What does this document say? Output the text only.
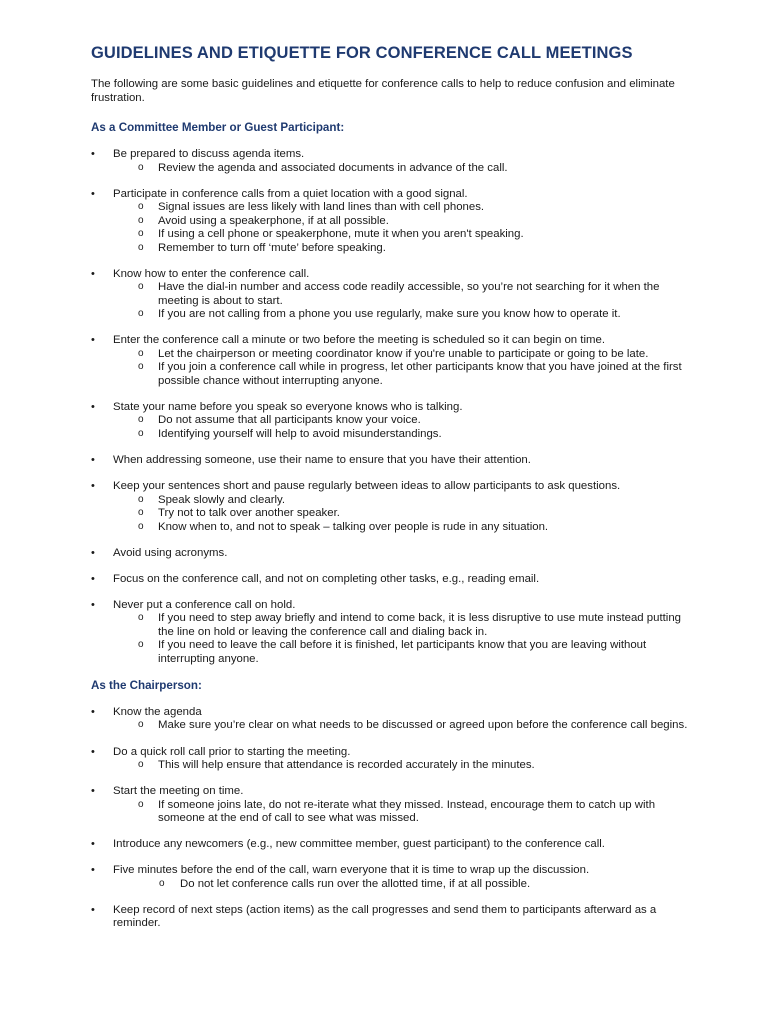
GUIDELINES AND ETIQUETTE FOR CONFERENCE CALL MEETINGS

The following are some basic guidelines and etiquette for conference calls to help to reduce confusion and eliminate frustration.

As a Committee Member or Guest Participant:
• Be prepared to discuss agenda items.
o Review the agenda and associated documents in advance of the call.
• Participate in conference calls from a quiet location with a good signal.
o Signal issues are less likely with land lines than with cell phones.
o Avoid using a speakerphone, if at all possible.
o If using a cell phone or speakerphone, mute it when you aren't speaking.
o Remember to turn off ‘mute’ before speaking.
• Know how to enter the conference call.
o Have the dial-in number and access code readily accessible, so you’re not searching for it when the meeting is about to start.
o If you are not calling from a phone you use regularly, make sure you know how to operate it.
• Enter the conference call a minute or two before the meeting is scheduled so it can begin on time.
o Let the chairperson or meeting coordinator know if you're unable to participate or going to be late.
o If you join a conference call while in progress, let other participants know that you have joined at the first possible chance without interrupting anyone.
• State your name before you speak so everyone knows who is talking.
o Do not assume that all participants know your voice.
o Identifying yourself will help to avoid misunderstandings.
• When addressing someone, use their name to ensure that you have their attention.
• Keep your sentences short and pause regularly between ideas to allow participants to ask questions.
o Speak slowly and clearly.
o Try not to talk over another speaker.
o Know when to, and not to speak – talking over people is rude in any situation.
• Avoid using acronyms.
• Focus on the conference call, and not on completing other tasks, e.g., reading email.
• Never put a conference call on hold.
o If you need to step away briefly and intend to come back, it is less disruptive to use mute instead putting the line on hold or leaving the conference call and dialing back in.
o If you need to leave the call before it is finished, let participants know that you are leaving without interrupting anyone.
As the Chairperson:
• Know the agenda
o Make sure you’re clear on what needs to be discussed or agreed upon before the conference call begins.
• Do a quick roll call prior to starting the meeting.
o This will help ensure that attendance is recorded accurately in the minutes.
• Start the meeting on time.
o If someone joins late, do not re-iterate what they missed. Instead, encourage them to catch up with someone at the end of call to see what was missed.
• Introduce any newcomers (e.g., new committee member, guest participant) to the conference call.
• Five minutes before the end of the call, warn everyone that it is time to wrap up the discussion.
o Do not let conference calls run over the allotted time, if at all possible.
• Keep record of next steps (action items) as the call progresses and send them to participants afterward as a reminder.
